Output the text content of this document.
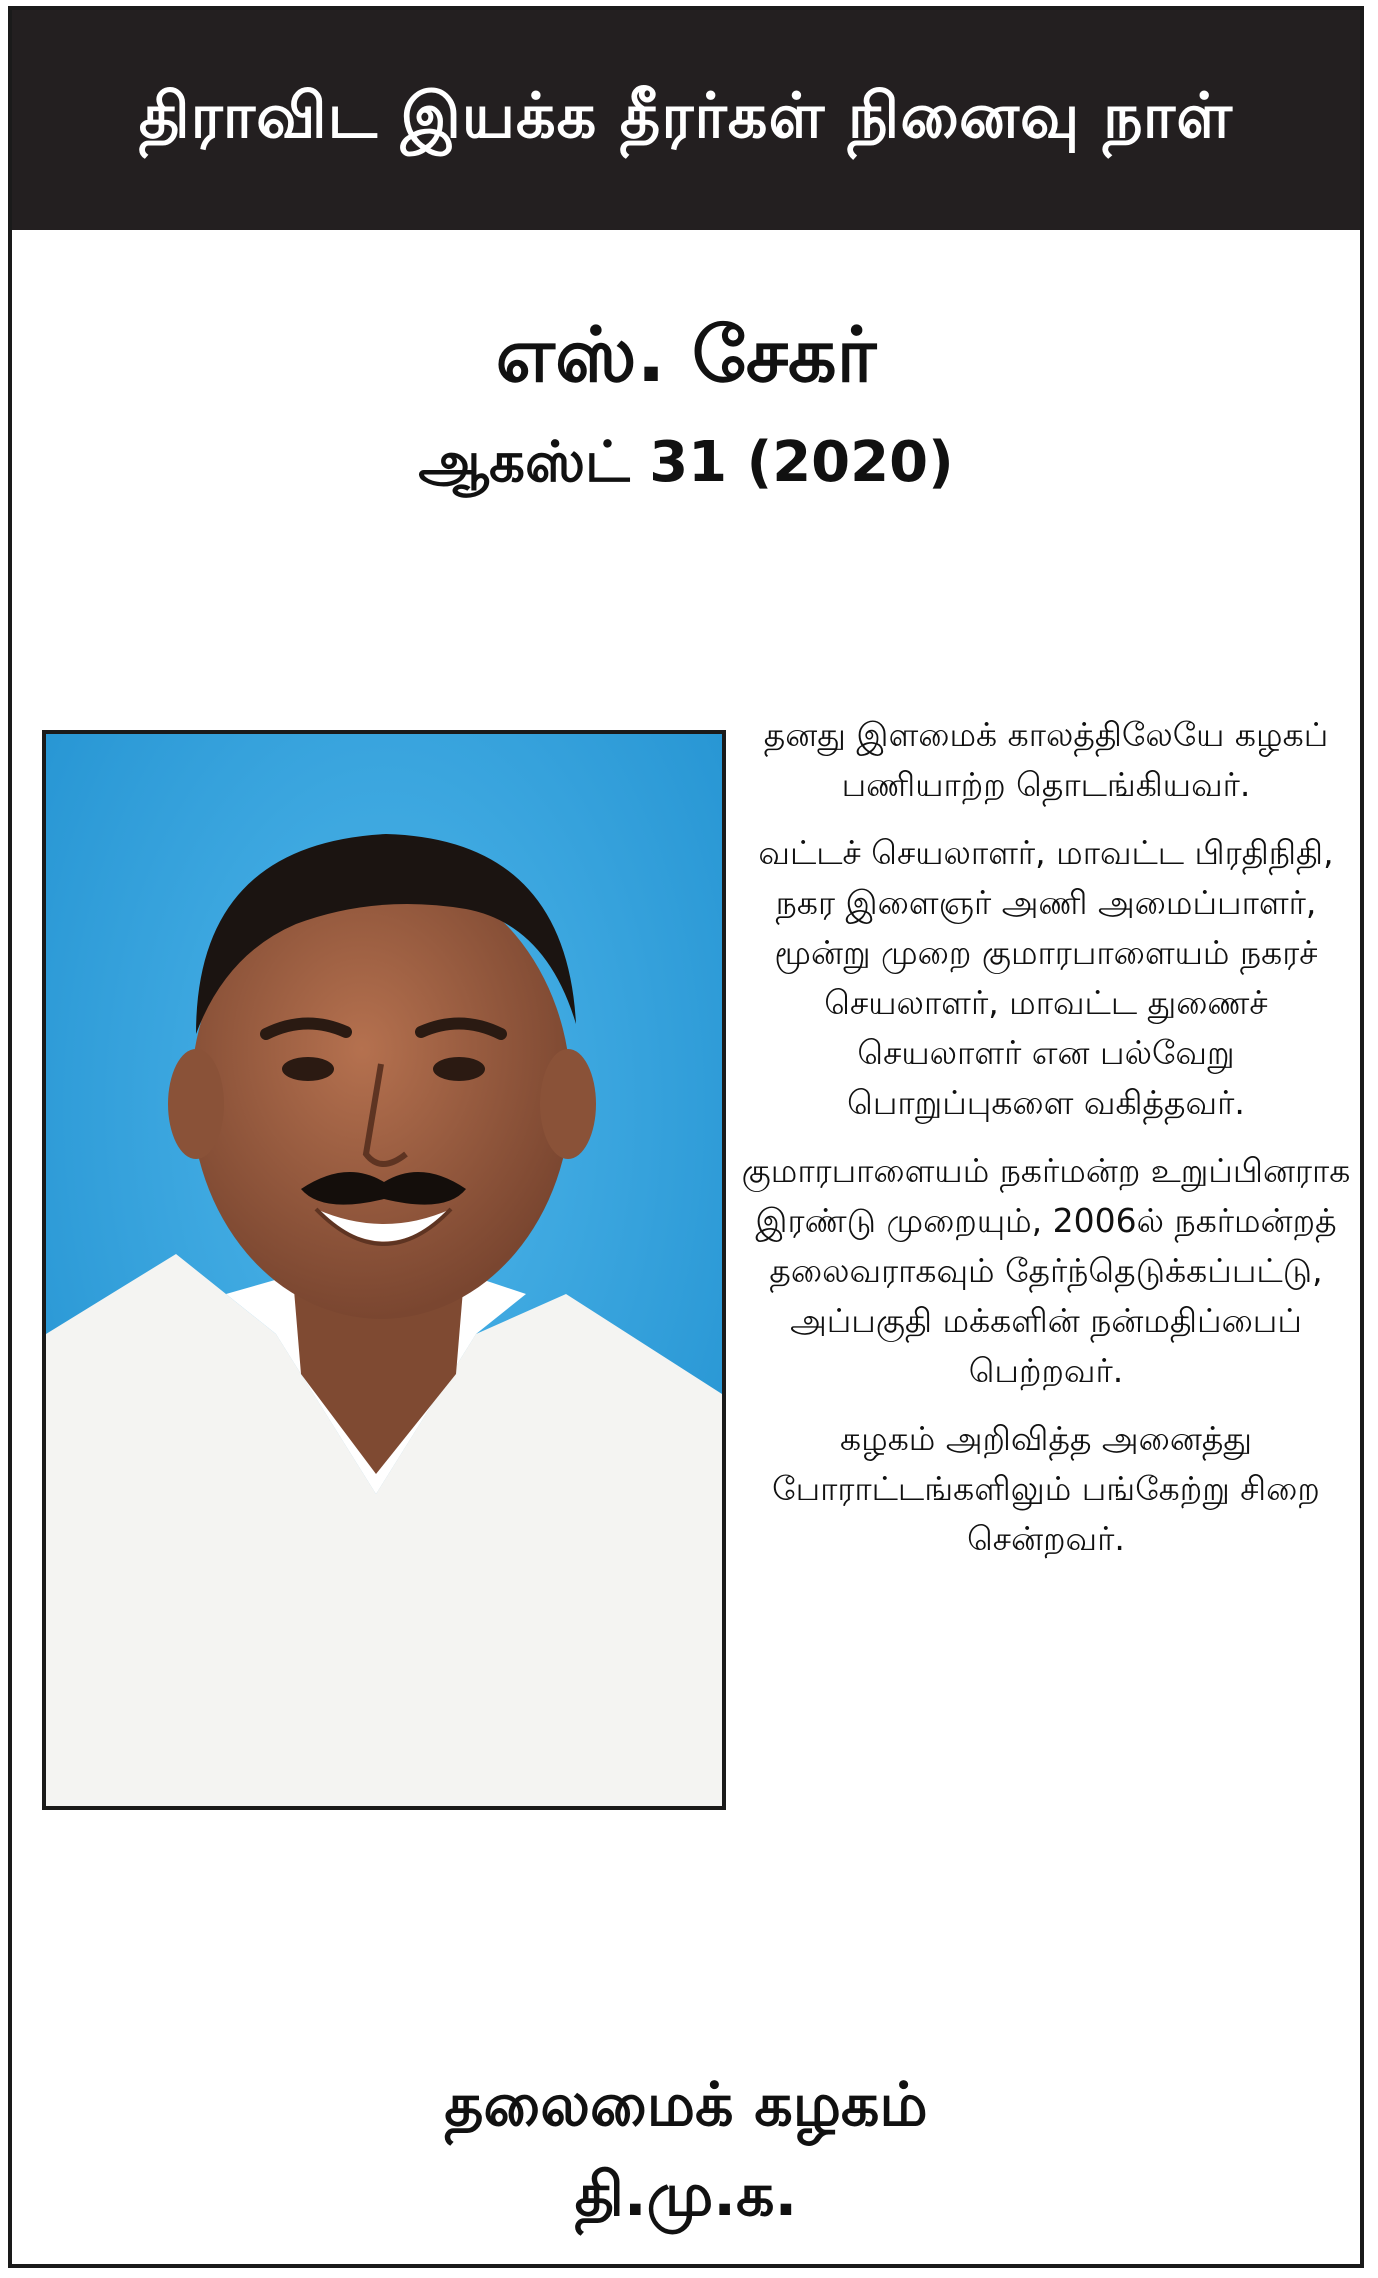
திராவிட இயக்க தீரர்கள் நினைவு நாள்
எஸ். சேகர்
ஆகஸ்ட் 31 (2020)

தனது இளமைக் காலத்திலேயே கழகப் பணியாற்ற தொடங்கியவர்.

வட்டச் செயலாளர், மாவட்ட பிரதிநிதி, நகர இளைஞர் அணி அமைப்பாளர், மூன்று முறை குமாரபாளையம் நகரச் செயலாளர், மாவட்ட துணைச் செயலாளர் என பல்வேறு பொறுப்புகளை வகித்தவர்.

குமாரபாளையம் நகர்மன்ற உறுப்பினராக இரண்டு முறையும், 2006ல் நகர்மன்றத் தலைவராகவும் தேர்ந்தெடுக்கப்பட்டு, அப்பகுதி மக்களின் நன்மதிப்பைப் பெற்றவர்.

கழகம் அறிவித்த அனைத்து போராட்டங்களிலும் பங்கேற்று சிறை சென்றவர்.

தலைமைக் கழகம்
தி.மு.க.
